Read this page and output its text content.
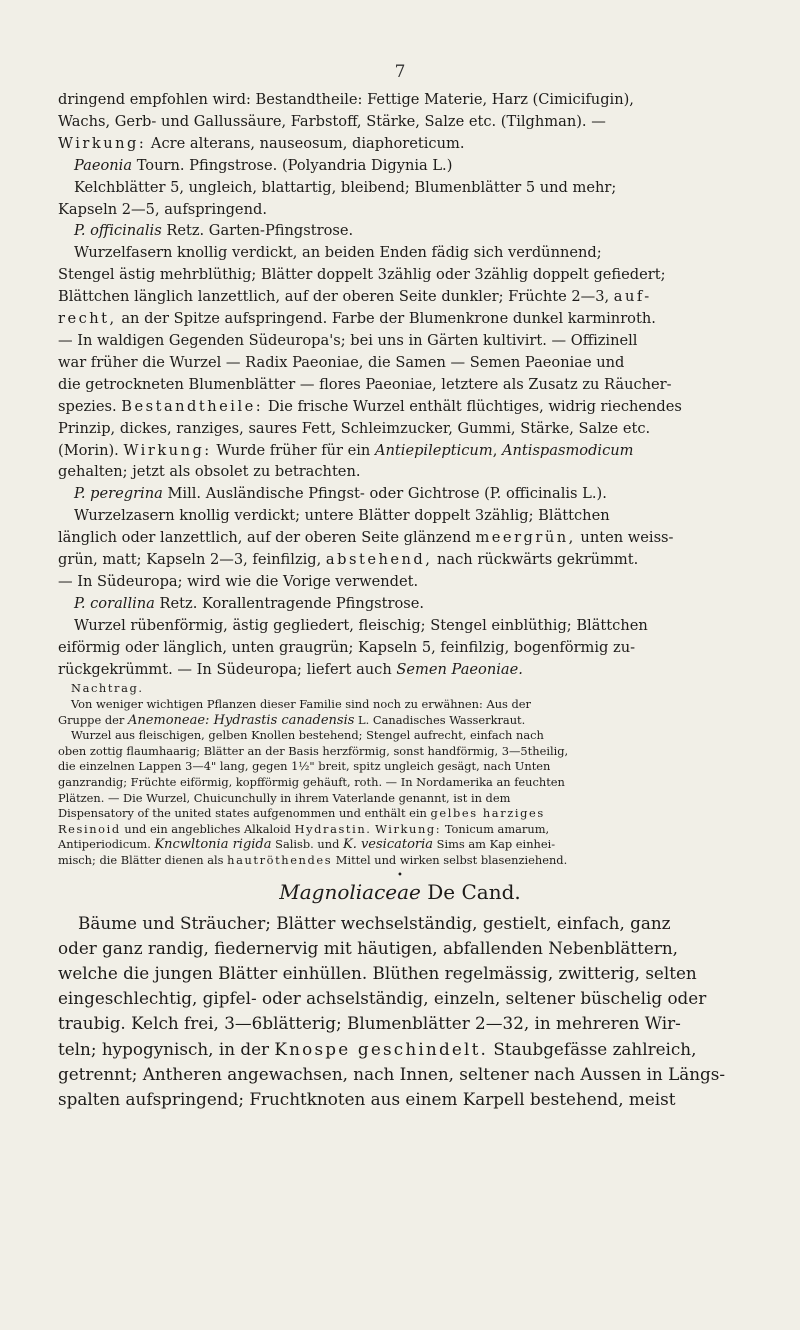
7

dringend empfohlen wird: Bestandtheile: Fettige Materie, Harz (Cimicifugin),
Wachs, Gerb- und Gallussäure, Farbstoff, Stärke, Salze etc. (Tilghman). —
Wirkung: Acre alterans, nauseosum, diaphoreticum.

Paeonia Tourn. Pfingstrose. (Polyandria Digynia L.)
Kelchblätter 5, ungleich, blattartig, bleibend; Blumenblätter 5 und mehr;
Kapseln 2—5, aufspringend.

P. officinalis Retz. Garten-Pfingstrose.
Wurzelfasern knollig verdickt, an beiden Enden fädig sich verdünnend;
Stengel ästig mehrblüthig; Blätter doppelt 3zählig oder 3zählig doppelt gefiedert;
Blättchen länglich lanzettlich, auf der oberen Seite dunkler; Früchte 2—3, auf-
recht, an der Spitze aufspringend. Farbe der Blumenkrone dunkel karminroth.
— In waldigen Gegenden Südeuropa's; bei uns in Gärten kultivirt. — Offizinell
war früher die Wurzel — Radix Paeoniae, die Samen — Semen Paeoniae und
die getrockneten Blumenblätter — flores Paeoniae, letztere als Zusatz zu Räucher-
spezies. Bestandtheile: Die frische Wurzel enthält flüchtiges, widrig riechendes
Prinzip, dickes, ranziges, saures Fett, Schleimzucker, Gummi, Stärke, Salze etc.
(Morin). Wirkung: Wurde früher für ein Antiepilepticum, Antispasmodicum
gehalten; jetzt als obsolet zu betrachten.

P. peregrina Mill. Ausländische Pfingst- oder Gichtrose (P. officinalis L.).
Wurzelzasern knollig verdickt; untere Blätter doppelt 3zählig; Blättchen
länglich oder lanzettlich, auf der oberen Seite glänzend meergrün, unten weiss-
grün, matt; Kapseln 2—3, feinfilzig, abstehend, nach rückwärts gekrümmt.
— In Südeuropa; wird wie die Vorige verwendet.

P. corallina Retz. Korallentragende Pfingstrose.
Wurzel rübenförmig, ästig gegliedert, fleischig; Stengel einblüthig; Blättchen
eiförmig oder länglich, unten graugrün; Kapseln 5, feinfilzig, bogenförmig zu-
rückgekrümmt. — In Südeuropa; liefert auch Semen Paeoniae.

Nachtrag.
Von weniger wichtigen Pflanzen dieser Familie sind noch zu erwähnen: Aus der
Gruppe der Anemoneae: Hydrastis canadensis L. Canadisches Wasserkraut.
Wurzel aus fleischigen, gelben Knollen bestehend; Stengel aufrecht, einfach nach
oben zottig flaumhaarig; Blätter an der Basis herzförmig, sonst handförmig, 3—5theilig,
die einzelnen Lappen 3—4" lang, gegen 1½" breit, spitz ungleich gesägt, nach Unten
ganzrandig; Früchte eiförmig, kopfförmig gehäuft, roth. — In Nordamerika an feuchten
Plätzen. — Die Wurzel, Chuicunchully in ihrem Vaterlande genannt, ist in dem
Dispensatory of the united states aufgenommen und enthält ein gelbes harziges
Resinoid und ein angebliches Alkaloid Hydrastin. Wirkung: Tonicum amarum,
Antiperiodicum. Kncwltonia rigida Salisb. und K. vesicatoria Sims am Kap einhei-
misch; die Blätter dienen als hautröthendes Mittel und wirken selbst blasenziehend.

•

Magnoliaceae De Cand.

Bäume und Sträucher; Blätter wechselständig, gestielt, einfach, ganz
oder ganz randig, fiedernervig mit häutigen, abfallenden Nebenblättern,
welche die jungen Blätter einhüllen. Blüthen regelmässig, zwitterig, selten
eingeschlechtig, gipfel- oder achselständig, einzeln, seltener büschelig oder
traubig. Kelch frei, 3—6blätterig; Blumenblätter 2—32, in mehreren Wir-
teln; hypogynisch, in der Knospe geschindelt. Staubgefässe zahlreich,
getrennt; Antheren angewachsen, nach Innen, seltener nach Aussen in Längs-
spalten aufspringend; Fruchtknoten aus einem Karpell bestehend, meist
